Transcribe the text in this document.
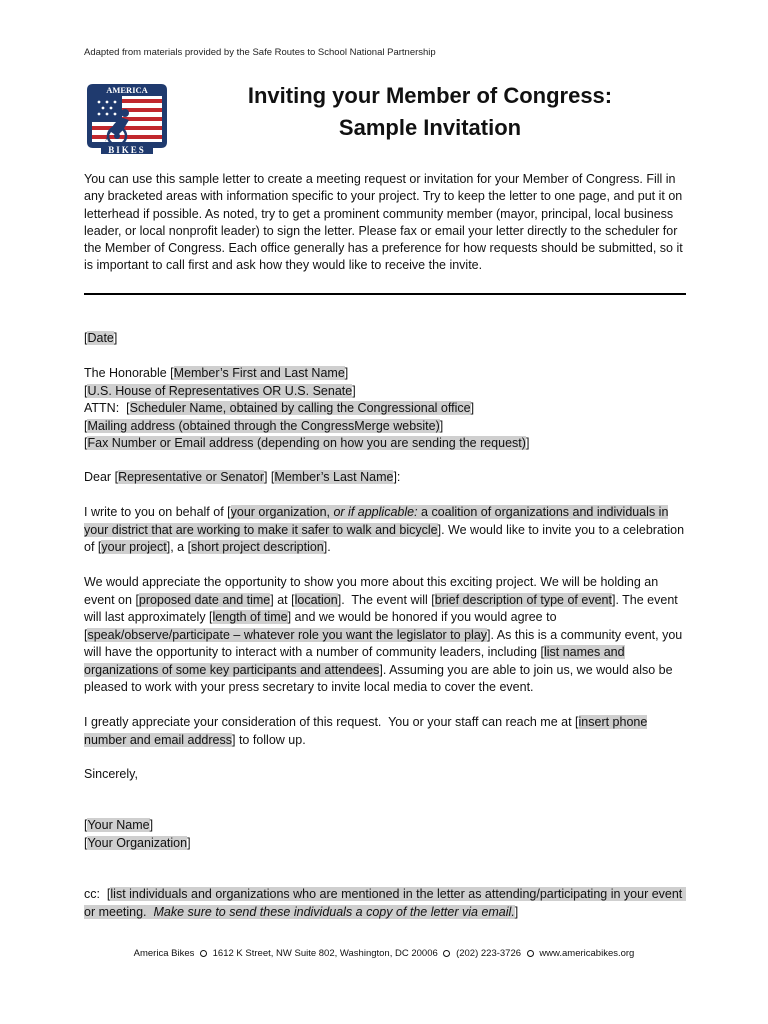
Adapted from materials provided by the Safe Routes to School National Partnership
AMERICA
BIKES
Inviting your Member of Congress:
Sample Invitation
You can use this sample letter to create a meeting request or invitation for your Member of Congress. Fill in any bracketed areas with information specific to your project. Try to keep the letter to one page, and put it on letterhead if possible. As noted, try to get a prominent community member (mayor, principal, local business leader, or local nonprofit leader) to sign the letter. Please fax or email your letter directly to the scheduler for the Member of Congress. Each office generally has a preference for how requests should be submitted, so it is important to call first and ask how they would like to receive the invite.
[Date]

The Honorable [Member’s First and Last Name]

[U.S. House of Representatives OR U.S. Senate]

ATTN:  [Scheduler Name, obtained by calling the Congressional office]

[Mailing address (obtained through the CongressMerge website)]

[Fax Number or Email address (depending on how you are sending the request)]

Dear [Representative or Senator] [Member’s Last Name]:
I write to you on behalf of [your organization, or if applicable: a coalition of organizations and individuals in your district that are working to make it safer to walk and bicycle]. We would like to invite you to a celebration of [your project], a [short project description].
We would appreciate the opportunity to show you more about this exciting project. We will be holding an event on [proposed date and time] at [location].  The event will [brief description of type of event]. The event will last approximately [length of time] and we would be honored if you would agree to [speak/observe/participate – whatever role you want the legislator to play]. As this is a community event, you will have the opportunity to interact with a number of community leaders, including [list names and organizations of some key participants and attendees]. Assuming you are able to join us, we would also be pleased to work with your press secretary to invite local media to cover the event.
I greatly appreciate your consideration of this request.  You or your staff can reach me at [insert phone number and email address] to follow up.
Sincerely,

[Your Name]

[Your Organization]

cc:  [list individuals and organizations who are mentioned in the letter as attending/participating in your event or meeting.  Make sure to send these individuals a copy of the letter via email.]
America Bikes 1612 K Street, NW Suite 802, Washington, DC 20006 (202) 223-3726 www.americabikes.org
